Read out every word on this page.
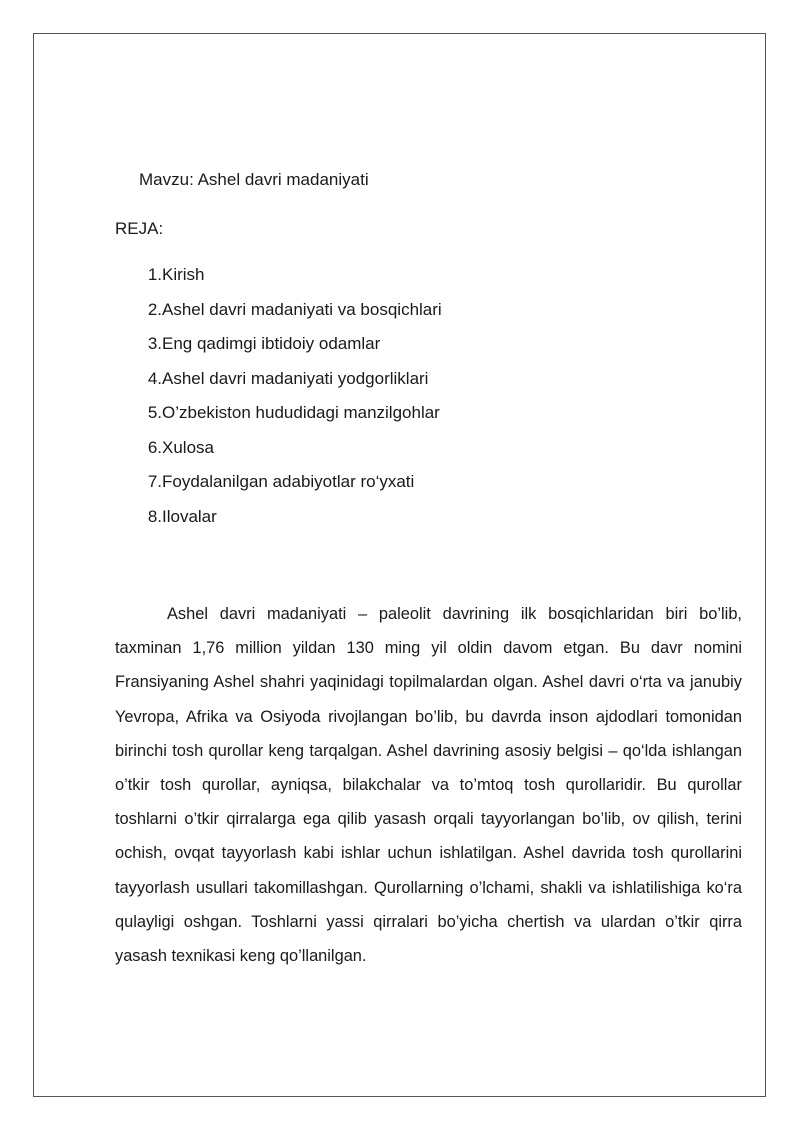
Mavzu: Ashel davri madaniyati
REJA:
1. Kirish
2. Ashel davri madaniyati va bosqichlari
3. Eng qadimgi ibtidoiy odamlar
4. Ashel davri madaniyati yodgorliklari
5. O’zbekiston hududidagi manzilgohlar
6. Xulosa
7. Foydalanilgan adabiyotlar ro‘yxati
8. Ilovalar

Ashel davri madaniyati – paleolit davrining ilk bosqichlaridan biri bo’lib, taxminan 1,76 million yildan 130 ming yil oldin davom etgan. Bu davr nomini Fransiyaning Ashel shahri yaqinidagi topilmalardan olgan. Ashel davri o‘rta va janubiy Yevropa, Afrika va Osiyoda rivojlangan bo’lib, bu davrda inson ajdodlari tomonidan birinchi tosh qurollar keng tarqalgan. Ashel davrining asosiy belgisi – qo‘lda ishlangan o’tkir tosh qurollar, ayniqsa, bilakchalar va to’mtoq tosh qurollaridir. Bu qurollar toshlarni o’tkir qirralarga ega qilib yasash orqali tayyorlangan bo’lib, ov qilish, terini ochish, ovqat tayyorlash kabi ishlar uchun ishlatilgan. Ashel davrida tosh qurollarini tayyorlash usullari takomillashgan. Qurollarning o’lchami, shakli va ishlatilishiga ko‘ra qulayligi oshgan. Toshlarni yassi qirralari bo’yicha chertish va ulardan o’tkir qirra yasash texnikasi keng qo’llanilgan.
